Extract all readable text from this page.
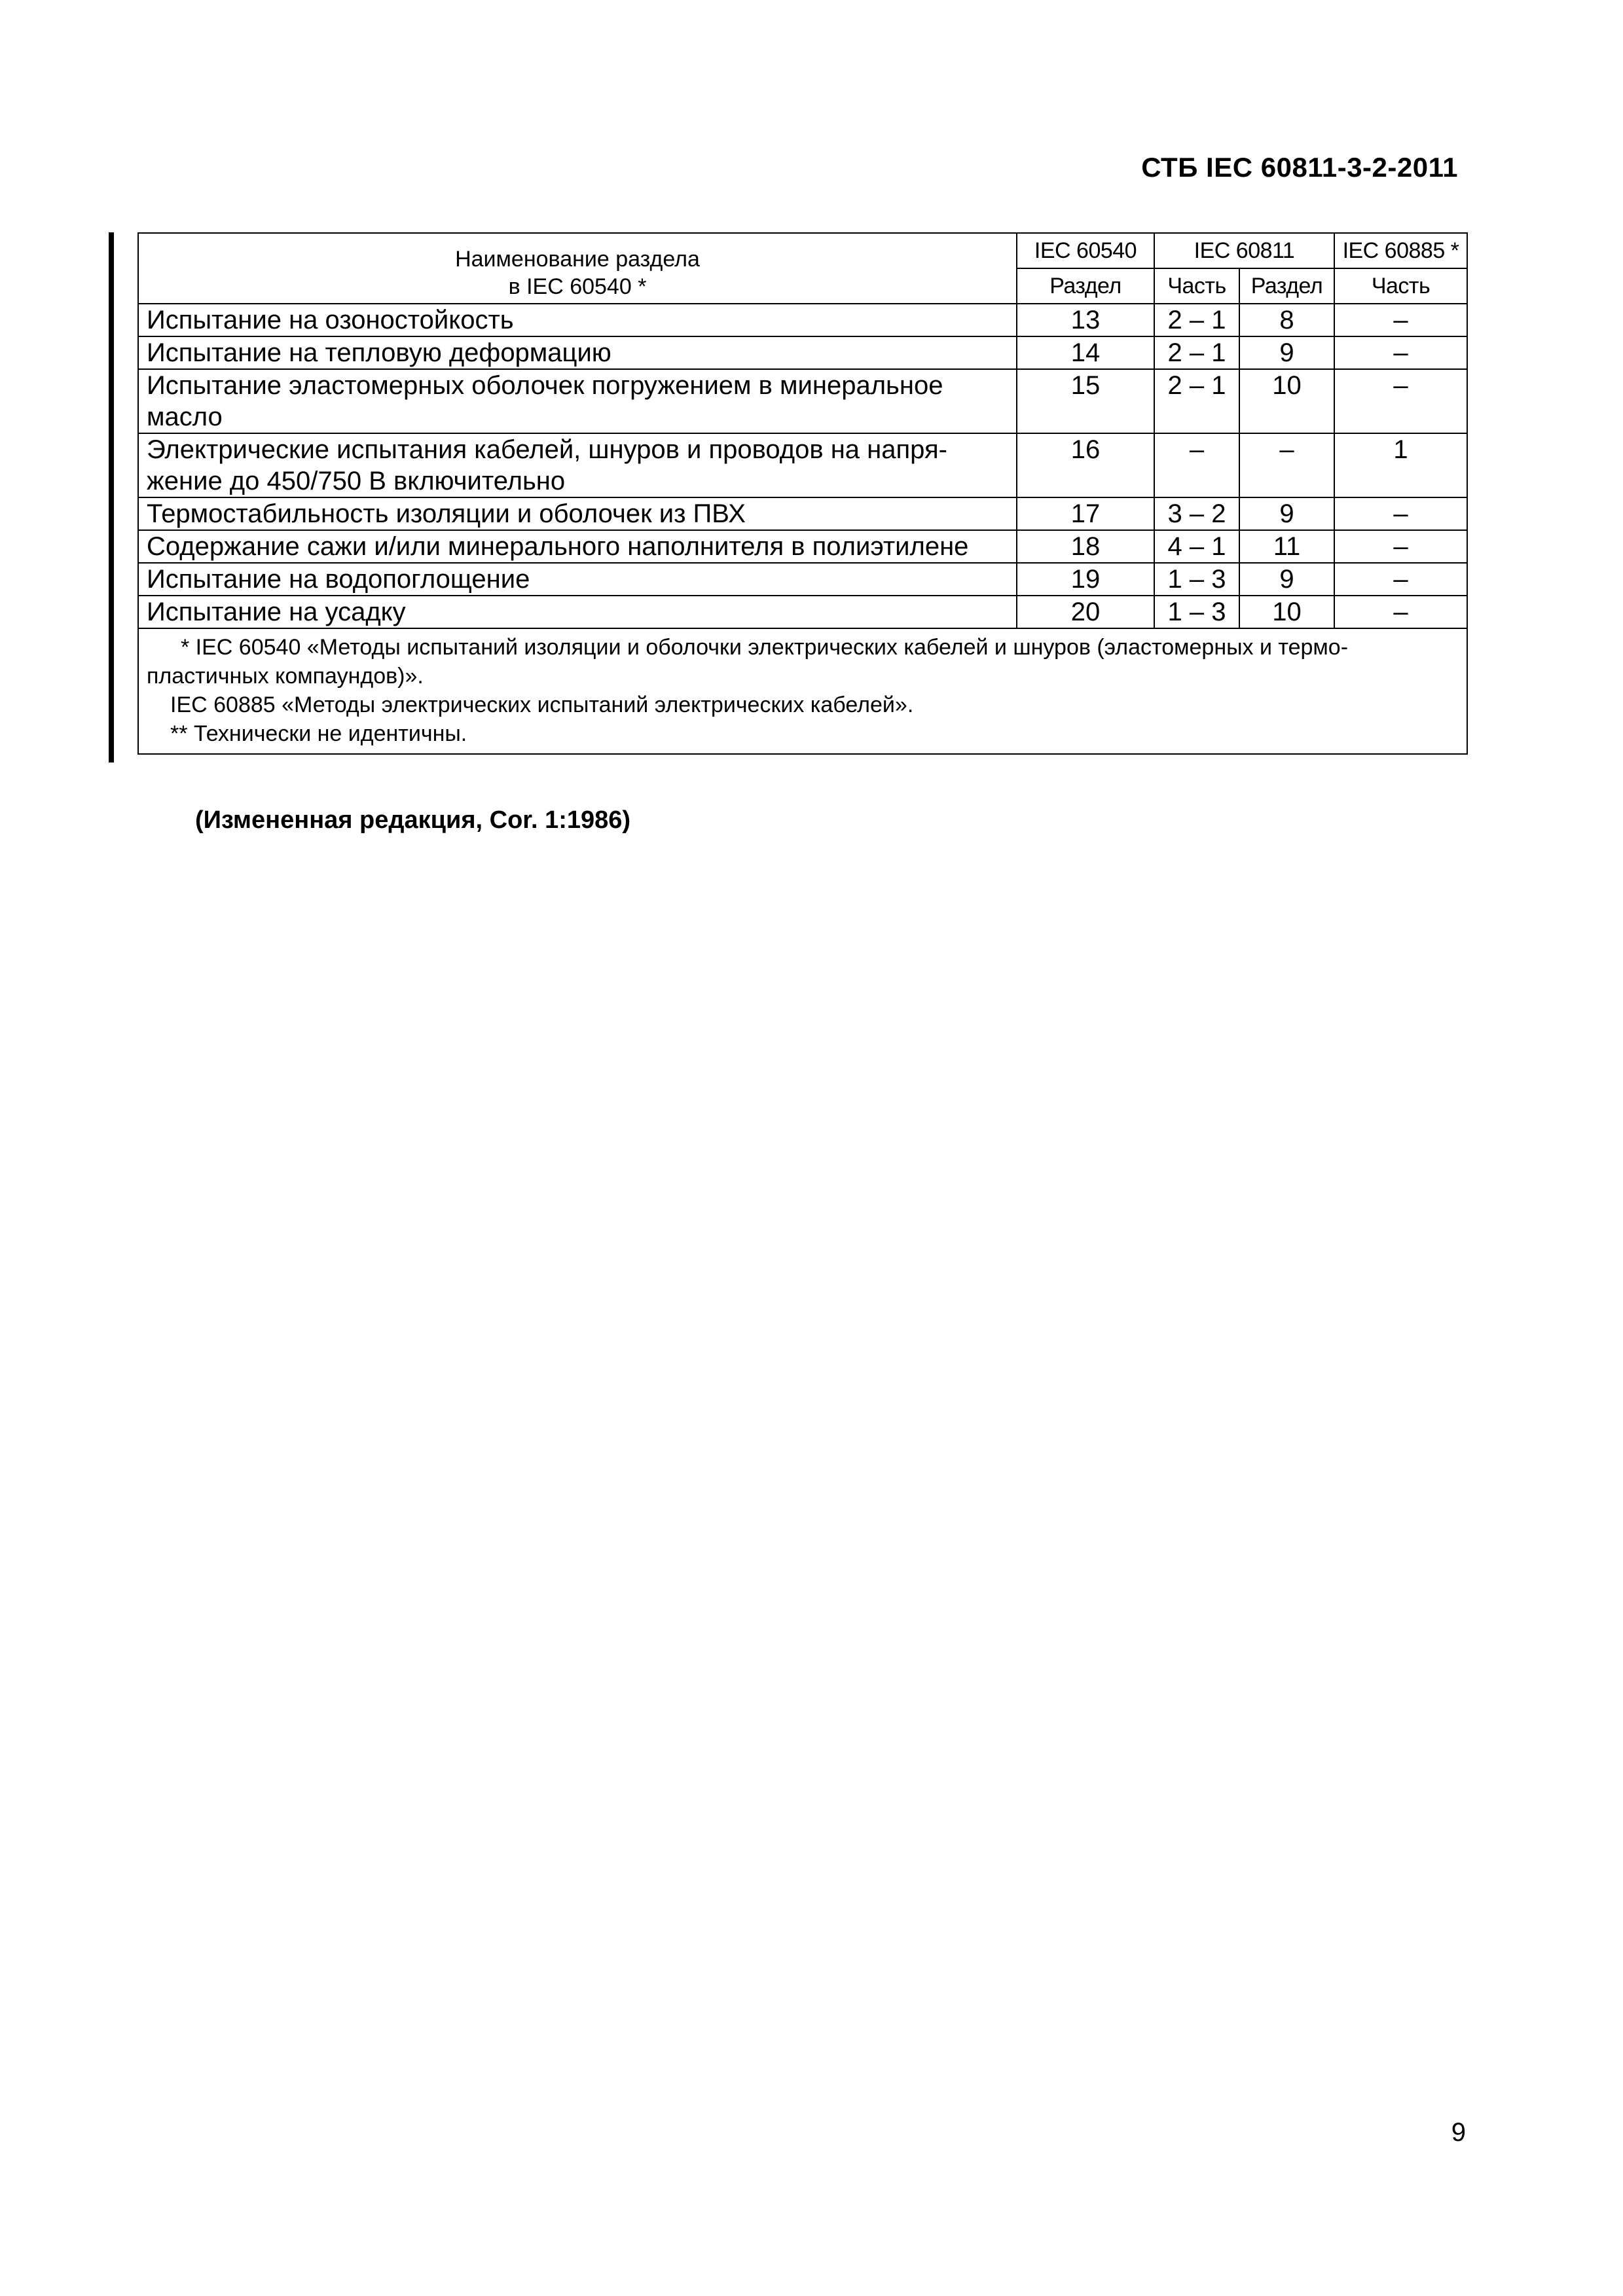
СТБ IEC 60811-3-2-2011
Наименование раздела
в IEC 60540 *	IEC 60540	IEC 60811		IEC 60885 *
	Раздел	Часть	Раздел	Часть
Испытание на озоностойкость	13	2 – 1	8	–
Испытание на тепловую деформацию	14	2 – 1	9	–
Испытание эластомерных оболочек погружением в минеральное масло	15	2 – 1	10	–
Электрические испытания кабелей, шнуров и проводов на напря-жение до 450/750 В включительно	16	–	–	1
Термостабильность изоляции и оболочек из ПВХ	17	3 – 2	9	–
Содержание сажи и/или минерального наполнителя в полиэтилене	18	4 – 1	11	–
Испытание на водопоглощение	19	1 – 3	9	–
Испытание на усадку	20	1 – 3	10	–

* IEC 60540 «Методы испытаний изоляции и оболочки электрических кабелей и шнуров (эластомерных и термо-пластичных компаундов)».
IEC 60885 «Методы электрических испытаний электрических кабелей».
** Технически не идентичны.				
(Измененная редакция, Cor. 1:1986)
9
